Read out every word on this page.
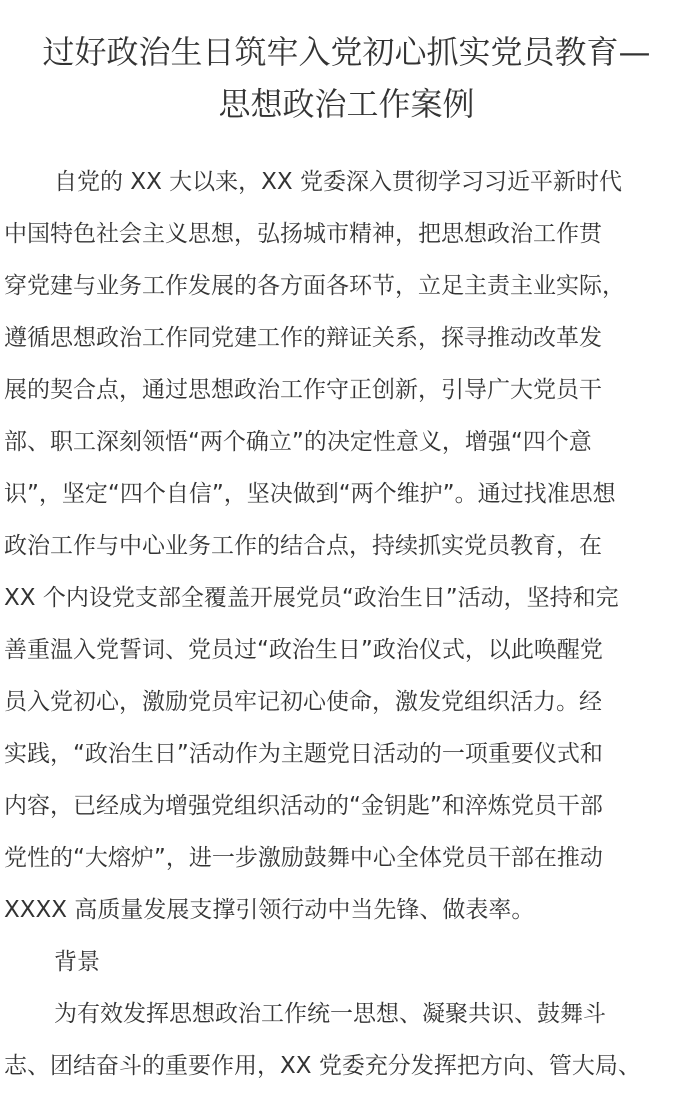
过好政治生日筑牢入党初心抓实党员教育—
思想政治工作案例
自党的 XX 大以来，XX 党委深入贯彻学习习近平新时代
中国特色社会主义思想，弘扬城市精神，把思想政治工作贯
穿党建与业务工作发展的各方面各环节，立足主责主业实际，
遵循思想政治工作同党建工作的辩证关系，探寻推动改革发
展的契合点，通过思想政治工作守正创新，引导广大党员干
部、职工深刻领悟“两个确立”的决定性意义，增强“四个意
识”，坚定“四个自信”，坚决做到“两个维护”。通过找准思想
政治工作与中心业务工作的结合点，持续抓实党员教育，在
XX 个内设党支部全覆盖开展党员“政治生日”活动，坚持和完
善重温入党誓词、党员过“政治生日”政治仪式，以此唤醒党
员入党初心，激励党员牢记初心使命，激发党组织活力。经
实践，“政治生日”活动作为主题党日活动的一项重要仪式和
内容，已经成为增强党组织活动的“金钥匙”和淬炼党员干部
党性的“大熔炉”，进一步激励鼓舞中心全体党员干部在推动
XXXX 高质量发展支撑引领行动中当先锋、做表率。
背景
为有效发挥思想政治工作统一思想、凝聚共识、鼓舞斗
志、团结奋斗的重要作用，XX 党委充分发挥把方向、管大局、
